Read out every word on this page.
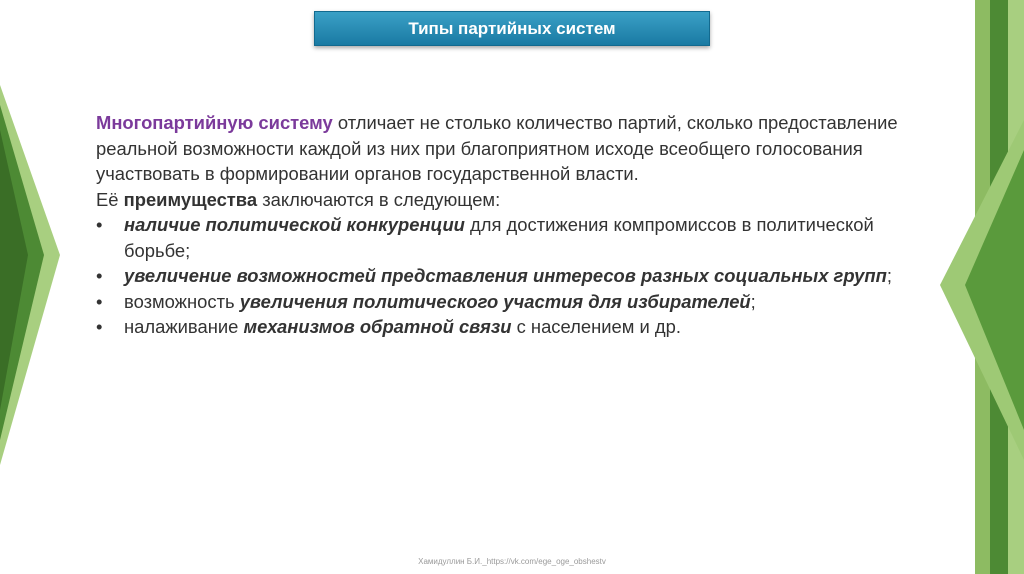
Типы партийных систем

Многопартийную систему отличает не столько количество партий, сколько предоставление реальной возможности каждой из них при благоприятном исходе всеобщего голосования участвовать в формировании органов государственной власти.

Её преимущества заключаются в следующем:

• наличие политической конкуренции для достижения компромиссов в политической борьбе;
• увеличение возможностей представления интересов разных социальных групп;
• возможность увеличения политического участия для избирателей;
• налаживание механизмов обратной связи с населением и др.
Хамидуллин Б.И._https://vk.com/ege_oge_obshestv
